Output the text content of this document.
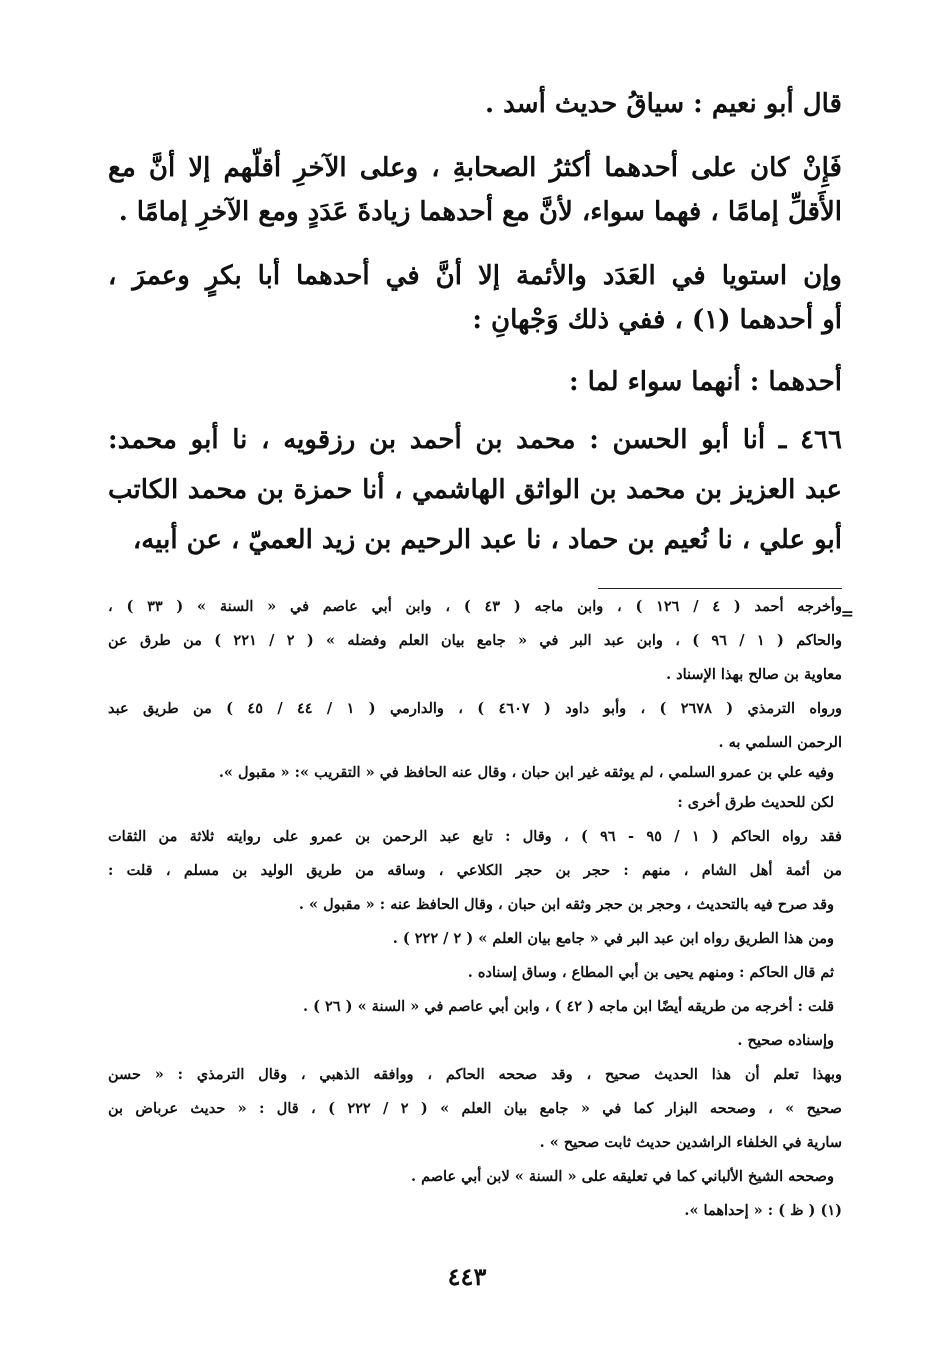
قال أبو نعيم : سياقُ حديث أسد .
فَإِنْ كان على أحدهما أكثرُ الصحابةِ ، وعلى الآخرِ أقلّهم إلا أنَّ مع
الأَقلِّ إمامًا ، فهما سواء، لأنَّ مع أحدهما زيادةَ عَدَدٍ ومع الآخرِ إمامًا .
وإن استويا في العَدَد والأئمة إلا أنَّ في أحدهما أبا بكرٍ وعمرَ ،
أو أحدهما (١) ، ففي ذلك وَجْهانِ :
أحدهما : أنهما سواء لما :
٤٦٦ ـ أنا أبو الحسن : محمد بن أحمد بن رزقويه ، نا أبو محمد:
عبد العزيز بن محمد بن الواثق الهاشمي ، أنا حمزة بن محمد الكاتب
أبو علي ، نا نُعيم بن حماد ، نا عبد الرحيم بن زيد العميّ ، عن أبيه،
=
وأخرجه أحمد ( ٤ / ١٢٦ ) ، وابن ماجه ( ٤٣ ) ، وابن أبي عاصم في « السنة » ( ٣٣ ) ،
والحاكم ( ١ / ٩٦ ) ، وابن عبد البر في « جامع بيان العلم وفضله » ( ٢ / ٢٢١ ) من طرق عن
معاوية بن صالح بهذا الإسناد .
ورواه الترمذي ( ٢٦٧٨ ) ، وأبو داود ( ٤٦٠٧ ) ، والدارمي ( ١ / ٤٤ / ٤٥ ) من طريق عبد
الرحمن السلمي به .
وفيه علي بن عمرو السلمي ، لم يوثقه غير ابن حبان ، وقال عنه الحافظ في « التقريب »: « مقبول ».
لكن للحديث طرق أخرى :
فقد رواه الحاكم ( ١ / ٩٥ - ٩٦ ) ، وقال : تابع عبد الرحمن بن عمرو على روايته ثلاثة من الثقات
من أئمة أهل الشام ، منهم : حجر بن حجر الكلاعي ، وساقه من طريق الوليد بن مسلم ، قلت :
وقد صرح فيه بالتحديث ، وحجر بن حجر وثقه ابن حبان ، وقال الحافظ عنه : « مقبول » .
ومن هذا الطريق رواه ابن عبد البر في « جامع بيان العلم » ( ٢ / ٢٢٢ ) .
ثم قال الحاكم : ومنهم يحيى بن أبي المطاع ، وساق إسناده .
قلت : أخرجه من طريقه أيضًا ابن ماجه ( ٤٢ ) ، وابن أبي عاصم في « السنة » ( ٢٦ ) .
وإسناده صحيح .
وبهذا تعلم أن هذا الحديث صحيح ، وقد صححه الحاكم ، ووافقه الذهبي ، وقال الترمذي : « حسن
صحيح » ، وصححه البزار كما في « جامع بيان العلم » ( ٢ / ٢٢٢ ) ، قال : « حديث عرباض بن
سارية في الخلفاء الراشدين حديث ثابت صحيح » .
وصححه الشيخ الألباني كما في تعليقه على « السنة » لابن أبي عاصم .
(١) ( ظ ) : « إحداهما ».
٤٤٣
